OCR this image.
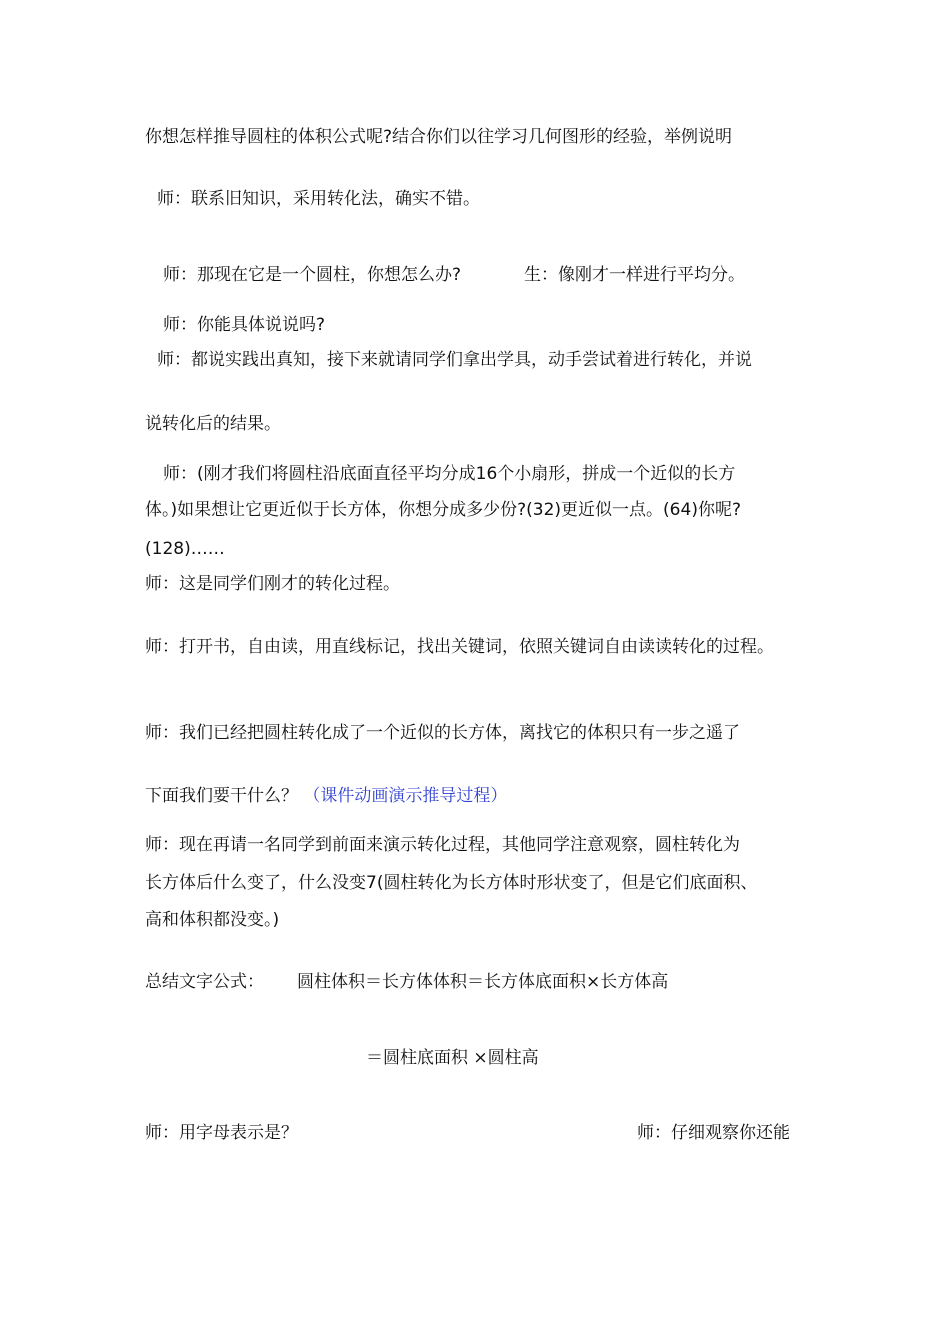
你想怎样推导圆柱的体积公式呢?结合你们以往学习几何图形的经验，举例说明
师：联系旧知识，采用转化法，确实不错。
师：那现在它是一个圆柱，你想怎么办?	生：像刚才一样进行平均分。
师：你能具体说说吗?
师：都说实践出真知，接下来就请同学们拿出学具，动手尝试着进行转化，并说
说转化后的结果。
师：(刚才我们将圆柱沿底面直径平均分成16个小扇形，拼成一个近似的长方
体。)如果想让它更近似于长方体，你想分成多少份?(32)更近似一点。(64)你呢?
(128)……
师：这是同学们刚才的转化过程。
师：打开书，自由读，用直线标记，找出关键词，依照关键词自由读读转化的过程。
师：我们已经把圆柱转化成了一个近似的长方体，离找它的体积只有一步之遥了
下面我们要干什么？ （课件动画演示推导过程）
师：现在再请一名同学到前面来演示转化过程，其他同学注意观察，圆柱转化为
长方体后什么变了，什么没变7(圆柱转化为长方体时形状变了，但是它们底面积、
高和体积都没变。)
总结文字公式： 圆柱体积＝长方体体积＝长方体底面积×长方体高
＝圆柱底面积 ×圆柱高
师：用字母表示是？	师：仔细观察你还能
